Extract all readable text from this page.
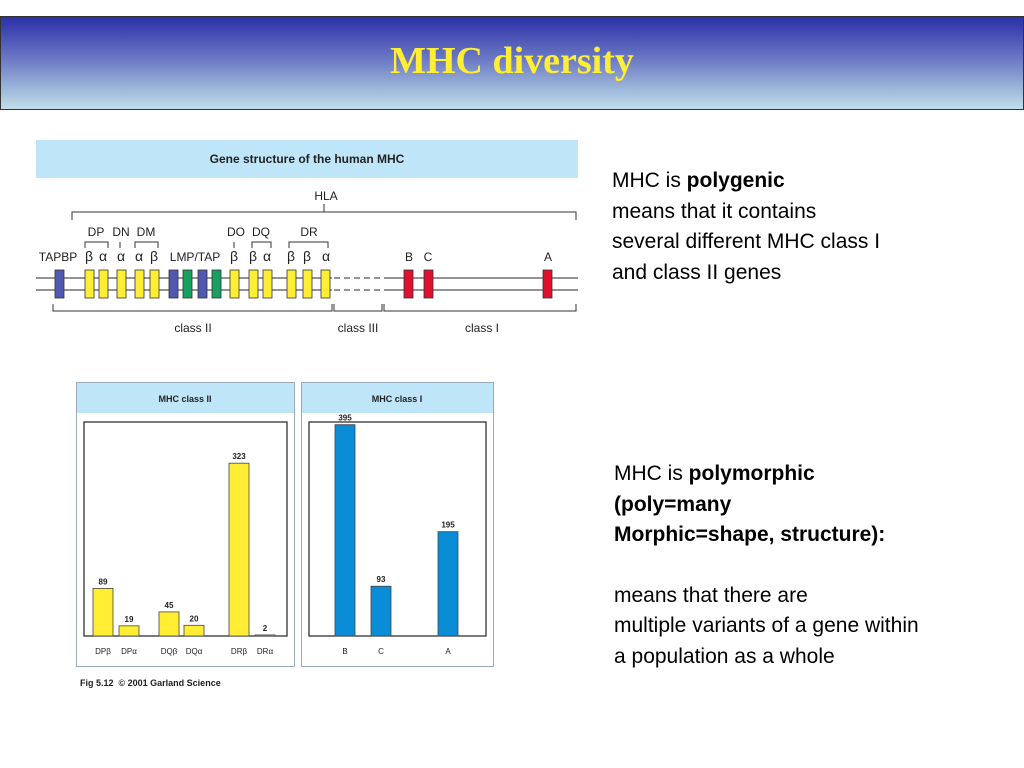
MHC diversity
Gene structure of the human MHC
HLA
DP DN DM
LMP/TAP
DO DQ	DR
B C	A
TAPBP β α α α β	β β α β β α
class II	class III	class I
MHC class II
89
DPβ
19
DPα
45
DQβ
20
DQα
323
DRβ
2
DRα
MHC class I
395
B
93
C
195
A
Fig 5.12  © 2001 Garland Science
MHC is polygenic
means that it contains
several different MHC class I
and class II genes
MHC is polymorphic
(poly=many
Morphic=shape, structure):
means that there are
multiple variants of a gene within
a population as a whole
